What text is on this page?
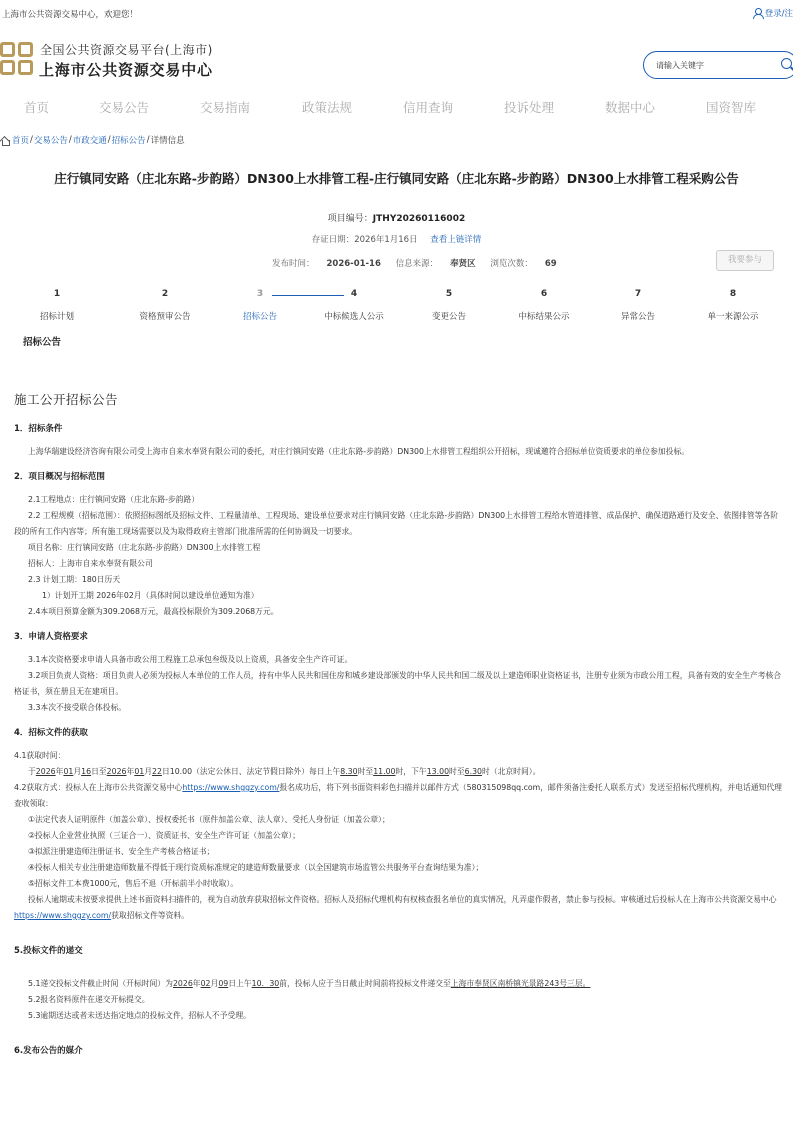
上海市公共资源交易中心，欢迎您！	登录/注
全国公共资源交易平台(上海市)
上海市公共资源交易中心
请输入关键字
首页	交易公告	交易指南	政策法规	信用查询	投诉处理	数据中心	国资智库
首页 / 交易公告 / 市政交通 / 招标公告 / 详情信息
庄行镇同安路（庄北东路-步韵路）DN300上水排管工程-庄行镇同安路（庄北东路-步韵路）DN300上水排管工程采购公告
项目编号：JTHY20260116002
存证日期：2026年1月16日 查看上链详情
发布时间： 2026-01-16 信息来源： 奉贤区 浏览次数： 69	我要参与
1	2	3	4	5	6	7	8
招标计划	资格预审公告	招标公告	中标候选人公示	变更公告	中标结果公示	异常公告	单一来源公示
招标公告
施工公开招标公告
1．招标条件
上海华瑞建设经济咨询有限公司受上海市自来水奉贤有限公司的委托，对庄行镇同安路（庄北东路-步韵路）DN300上水排管工程组织公开招标，现诚邀符合招标单位资质要求的单位参加投标。
2．项目概况与招标范围
2.1工程地点：庄行镇同安路（庄北东路-步韵路）
2.2 工程规模（招标范围）：依照招标图纸及招标文件、工程量清单、工程现场、建设单位要求对庄行镇同安路（庄北东路-步韵路）DN300上水排管工程给水管道排管、成品保护、确保道路通行及安全、依图排管等各阶段的所有工作内容等；所有施工现场需要以及为取得政府主管部门批准所需的任何协调及一切要求。
项目名称：庄行镇同安路（庄北东路-步韵路）DN300上水排管工程
招标人：上海市自来水奉贤有限公司
2.3 计划工期：180日历天
1）计划开工期 2026年02月（具体时间以建设单位通知为准）
2.4本项目预算金额为309.2068万元，最高投标限价为309.2068万元。
3．申请人资格要求
3.1本次资格要求申请人具备市政公用工程施工总承包叁级及以上资质，具备安全生产许可证。
3.2项目负责人资格：项目负责人必须为投标人本单位的工作人员，持有中华人民共和国住房和城乡建设部颁发的中华人民共和国二级及以上建造师职业资格证书，注册专业须为市政公用工程，具备有效的安全生产考核合格证书，须在册且无在建项目。
3.3本次不接受联合体投标。
4．招标文件的获取
4.1获取时间：
于2026年01月16日至2026年01月22日10.00（法定公休日、法定节假日除外）每日上午8.30时至11.00时，下午13.00时至6.30时（北京时间）。
4.2获取方式：投标人在上海市公共资源交易中心https://www.shggzy.com/报名成功后，将下列书面资料彩色扫描并以邮件方式（580315098qq.com，邮件须备注委托人联系方式）发送至招标代理机构，并电话通知代理查收领取：
①法定代表人证明原件（加盖公章）、授权委托书（原件加盖公章、法人章）、受托人身份证（加盖公章）；
②投标人企业营业执照（三证合一）、资质证书、安全生产许可证（加盖公章）；
③拟派注册建造师注册证书、安全生产考核合格证书；
④投标人相关专业注册建造师数量不得低于现行资质标准规定的建造师数量要求（以全国建筑市场监管公共服务平台查询结果为准）；
⑤招标文件工本费1000元，售后不退（开标前半小时收取）。
投标人逾期或未按要求提供上述书面资料扫描件的，视为自动放弃获取招标文件资格。招标人及招标代理机构有权核查报名单位的真实情况，凡弄虚作假者，禁止参与投标。审核通过后投标人在上海市公共资源交易中心https://www.shggzy.com/获取招标文件等资料。
5.投标文件的递交
5.1递交投标文件截止时间（开标时间）为2026年02月09日上午10．30前，投标人应于当日截止时间前将投标文件递交至上海市奉贤区南桥镇光景路243号三层。
5.2报名资料原件在递交开标提交。
5.3逾期送达或者未送达指定地点的投标文件，招标人不予受理。
6.发布公告的媒介
